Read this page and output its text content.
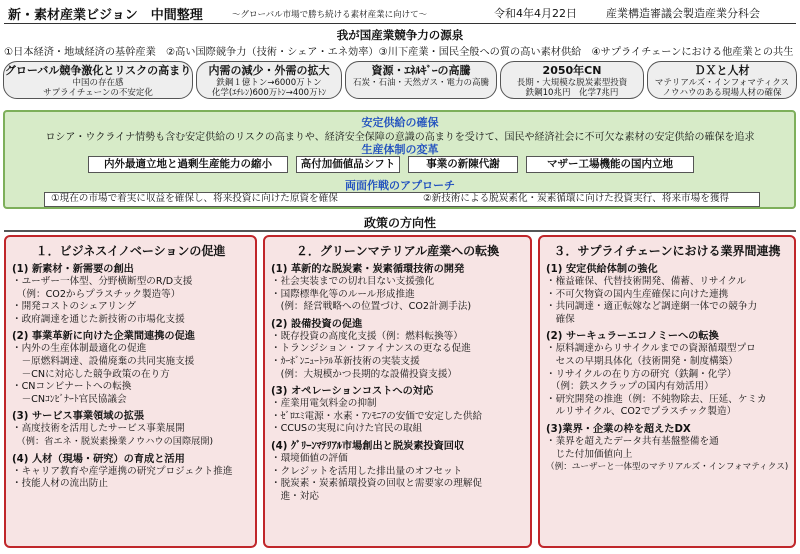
新・素材産業ビジョン　中間整理	～グローバル市場で勝ち続ける素材産業に向けて～	令和4年4月22日	産業構造審議会製造産業分科会
我が国産業競争力の源泉
①日本経済・地域経済の基幹産業　②高い国際競争力（技術・シェア・エネ効率）③川下産業・国民全般への質の高い素材供給　④サプライチェーンにおける他産業との共生
グローバル競争激化とリスクの高まり
中国の存在感
サプライチェーンの不安定化
内需の減少・外需の拡大
鉄鋼１億トン→6000万トン
化学(ｴﾁﾚﾝ)600万ﾄﾝ→400万ﾄﾝ
資源・ｴﾈﾙｷﾞｰの高騰
石炭・石油・天然ガス・電力の高騰
2050年CN
長期・大規模な脱炭素型投資
鉄鋼10兆円　化学7兆円
ＤＸと人材
マテリアルズ・インフォマティクス
ノウハウのある現場人材の確保
安定供給の確保
ロシア・ウクライナ情勢も含む安定供給のリスクの高まりや、経済安全保障の意識の高まりを受けて、国民や経済社会に不可欠な素材の安定供給の確保を追求
生産体制の変革
内外最適立地と過剰生産能力の縮小	高付加価値品シフト	事業の新陳代謝	マザー工場機能の国内立地
両面作戦のアプローチ
①現在の市場で着実に収益を確保し、将来投資に向けた原資を確保	②新技術による脱炭素化・炭素循環に向けた投資実行、将来市場を獲得
政策の方向性
１．ビジネスイノベーションの促進
(1) 新素材・新需要の創出
・ユーザー一体型、分野横断型のR/D支援
　（例：CO2からプラスチック製造等）
・開発コストのシェアリング
・政府調達を通じた新技術の市場化支援
(2) 事業革新に向けた企業間連携の促進
・内外の生産体制最適化の促進
　－原燃料調達、設備廃棄の共同実施支援
　－CNに対応した競争政策の在り方
・CNコンビナートへの転換
　－CNｺﾝﾋﾞﾅｰﾄ官民協議会
(3) サービス事業領域の拡張
・高度技術を活用したサービス事業展開
　（例：省エネ・脱炭素操業ノウハウの国際展開)
(4) 人材（現場・研究）の育成と活用
・キャリア教育や産学連携の研究プロジェクト推進
・技能人材の流出防止
２．グリーンマテリアル産業への転換
(1) 革新的な脱炭素・炭素循環技術の開発
・社会実装までの切れ目ない支援強化
・国際標準化等のルール形成推進
　(例：経営戦略への位置づけ、CO2計測手法)
(2) 設備投資の促進
・既存投資の高度化支援（例：燃料転換等）
・トランジション・ファイナンスの更なる促進
・ｶｰﾎﾞﾝﾆｭｰﾄﾗﾙ革新技術の実装支援
　(例：大規模かつ長期的な設備投資支援）
(3) オペレーションコストへの対応
・産業用電気料金の抑制
・ｾﾞﾛｴﾐ電源・水素・ｱﾝﾓﾆｱの安価で安定した供給
・CCUSの実現に向けた官民の取組
(4) ｸﾞﾘｰﾝﾏﾃﾘｱﾙ市場創出と脱炭素投資回収
・環境価値の評価
・クレジットを活用した排出量のオフセット
・脱炭素・炭素循環投資の回収と需要家の理解促
　進・対応
３．サプライチェーンにおける業界間連携
(1) 安定供給体制の強化
・権益確保、代替技術開発、備蓄、リサイクル
・不可欠物資の国内生産確保に向けた連携
・共同調達・適正転嫁など調達網一体での競争力
　確保
(2) サーキュラーエコノミーへの転換
・原料調達からリサイクルまでの資源循環型プロ
　セスの早期具体化（技術開発・制度構築）
・リサイクルの在り方の研究（鉄鋼・化学）
　（例：鉄スクラップの国内有効活用）
・研究開発の推進（例：不純物除去、圧延、ケミカ
　ルリサイクル、CO2でプラスチック製造）
(3)業界・企業の枠を超えたDX
・業界を超えたデータ共有基盤整備を通
　じた付加価値向上
（例：ユーザーと一体型のマテリアルズ・インフォマティクス)
